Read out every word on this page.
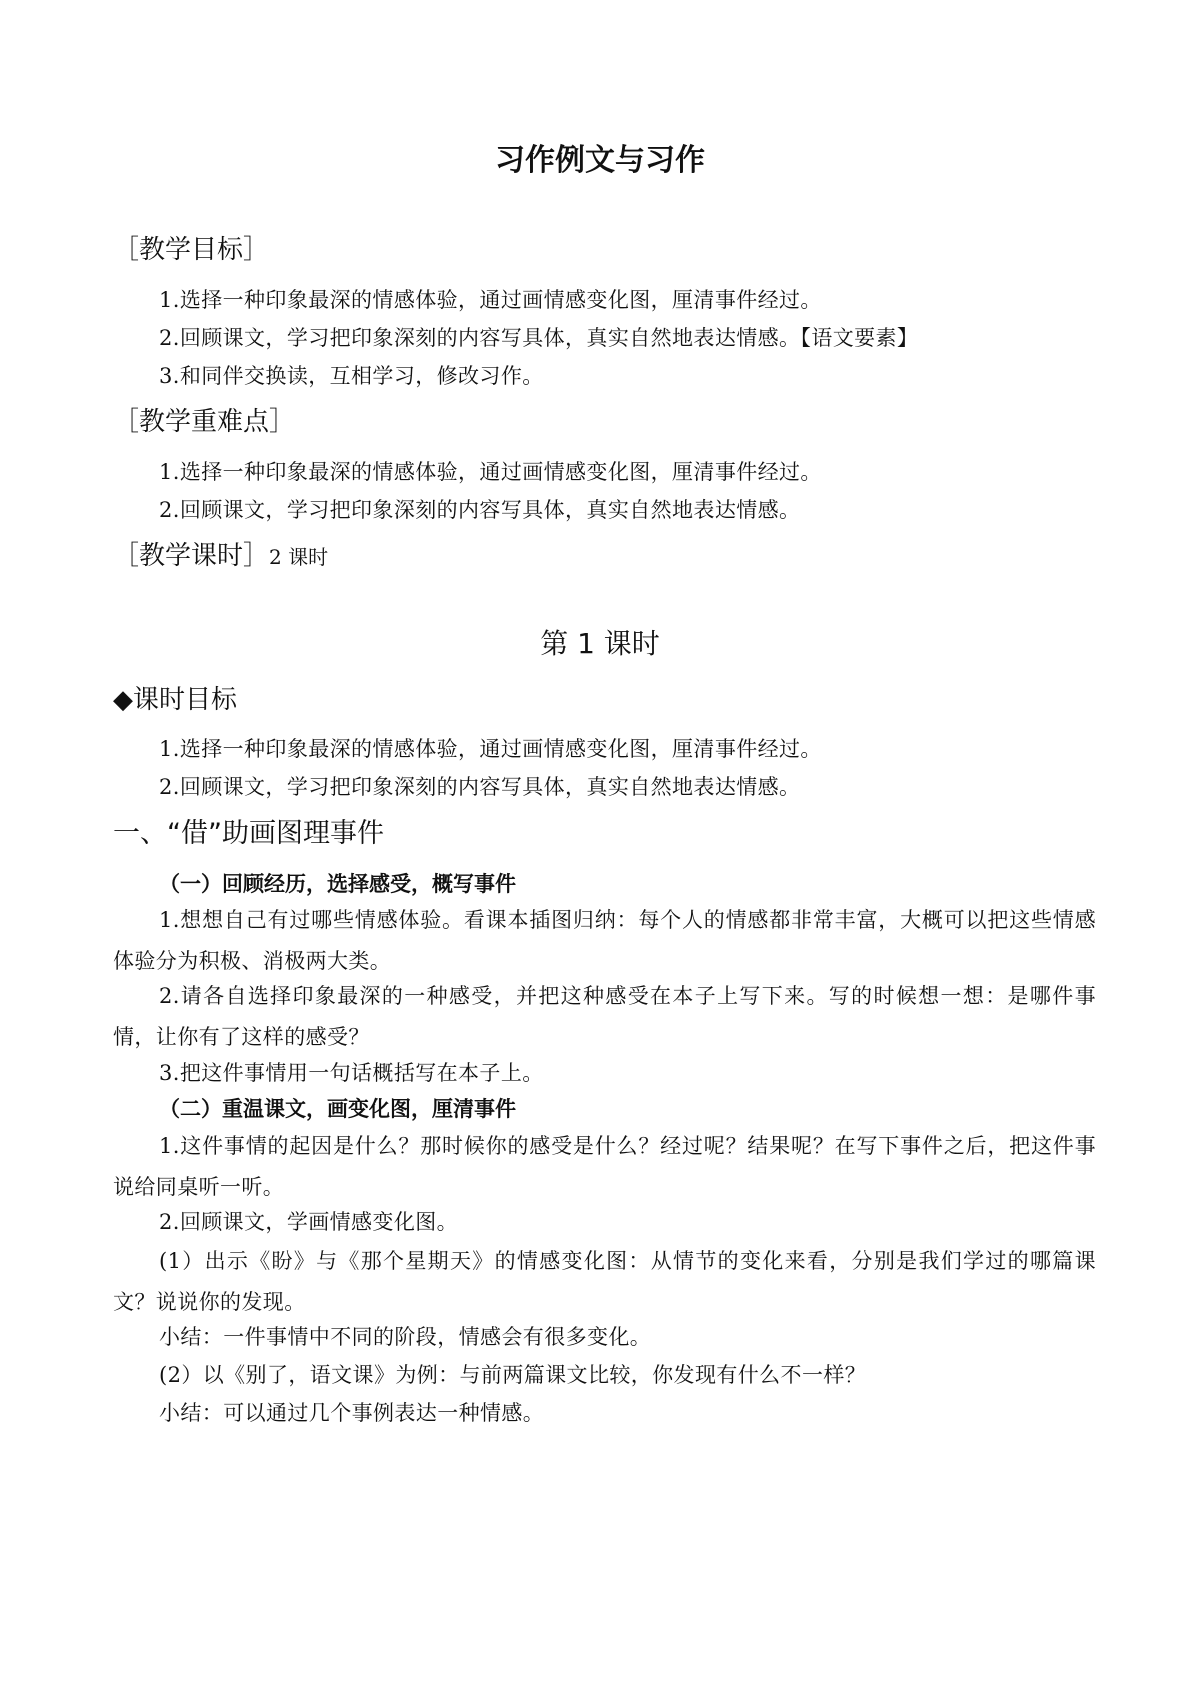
习作例文与习作
［教学目标］
1.选择一种印象最深的情感体验，通过画情感变化图，厘清事件经过。
2.回顾课文，学习把印象深刻的内容写具体，真实自然地表达情感。【语文要素】
3.和同伴交换读，互相学习，修改习作。
［教学重难点］
1.选择一种印象最深的情感体验，通过画情感变化图，厘清事件经过。
2.回顾课文，学习把印象深刻的内容写具体，真实自然地表达情感。
［教学课时］2 课时
第 1 课时
◆课时目标
1.选择一种印象最深的情感体验，通过画情感变化图，厘清事件经过。
2.回顾课文，学习把印象深刻的内容写具体，真实自然地表达情感。
一、“借”助画图理事件
（一）回顾经历，选择感受，概写事件
1.想想自己有过哪些情感体验。看课本插图归纳：每个人的情感都非常丰富，大概可以把这些情感体验分为积极、消极两大类。
2.请各自选择印象最深的一种感受，并把这种感受在本子上写下来。写的时候想一想：是哪件事情，让你有了这样的感受？
3.把这件事情用一句话概括写在本子上。
（二）重温课文，画变化图，厘清事件
1.这件事情的起因是什么？那时候你的感受是什么？经过呢？结果呢？在写下事件之后，把这件事说给同桌听一听。
2.回顾课文，学画情感变化图。
(1）出示《盼》与《那个星期天》的情感变化图：从情节的变化来看，分别是我们学过的哪篇课文？说说你的发现。
小结：一件事情中不同的阶段，情感会有很多变化。
(2）以《别了，语文课》为例：与前两篇课文比较，你发现有什么不一样？
小结：可以通过几个事例表达一种情感。
